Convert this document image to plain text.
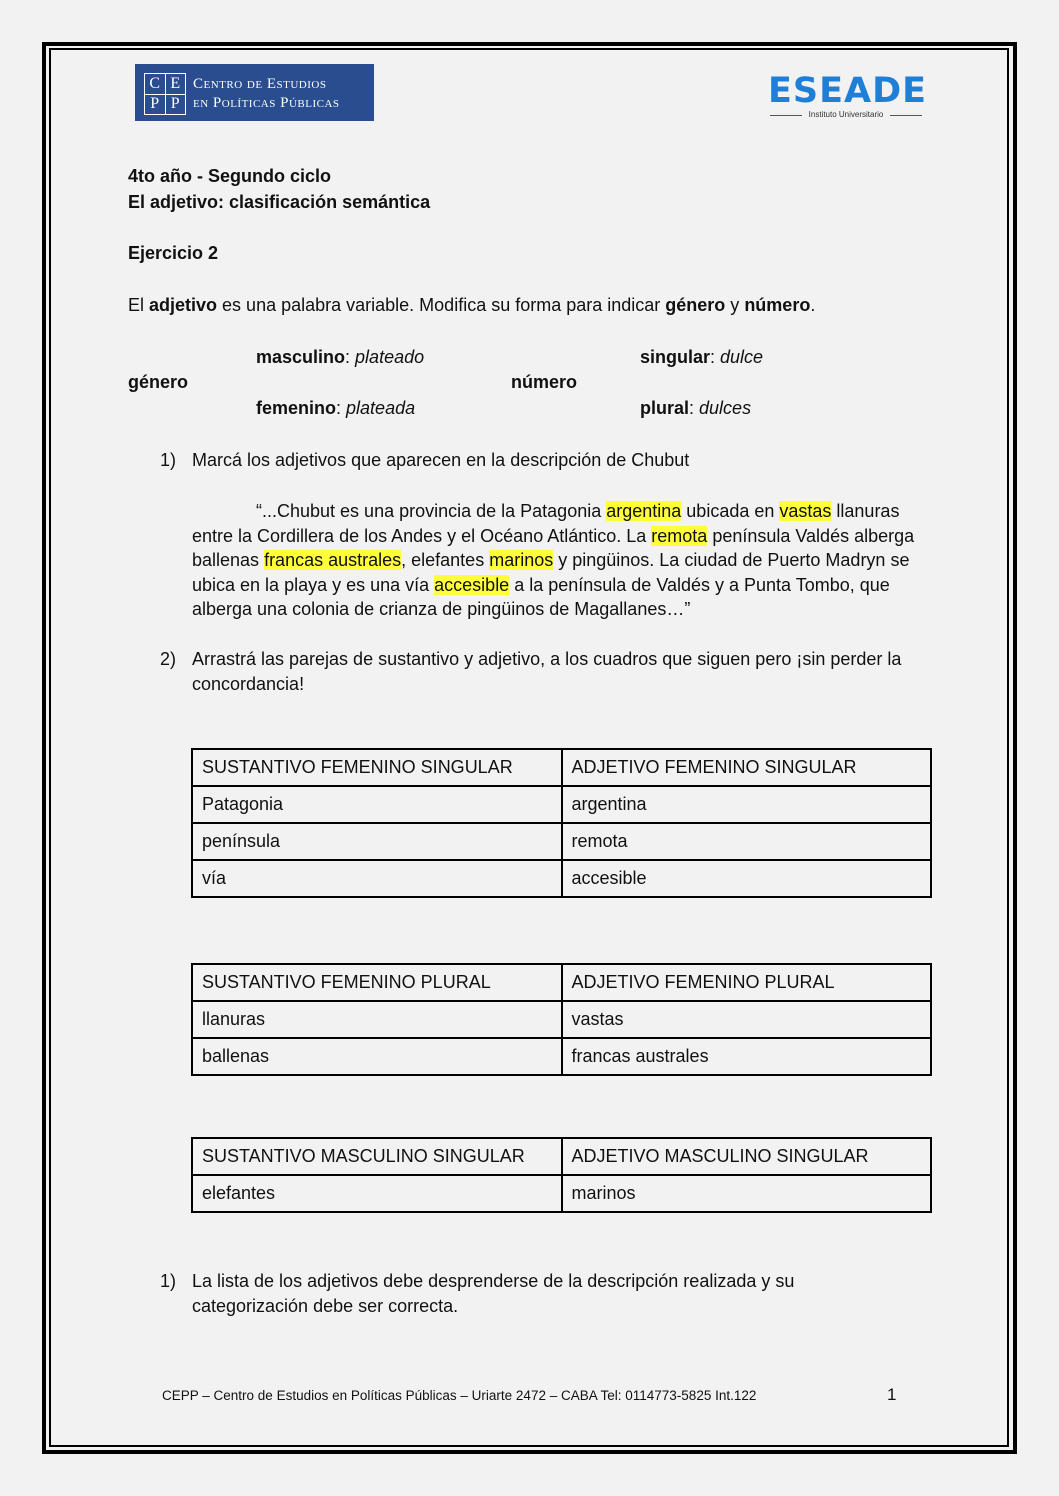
C E
P P
Centro de Estudios
en Políticas Públicas	ESEADE
Instituto Universitario
4to año - Segundo ciclo
El adjetivo: clasificación semántica
Ejercicio 2
El adjetivo es una palabra variable. Modifica su forma para indicar género y número.
masculino: plateado	singular: dulce
género	número
femenino: plateada	plural: dulces
1) Marcá los adjetivos que aparecen en la descripción de Chubut
“...Chubut es una provincia de la Patagonia argentina ubicada en vastas llanuras entre la Cordillera de los Andes y el Océano Atlántico. La remota península Valdés alberga ballenas francas australes, elefantes marinos y pingüinos. La ciudad de Puerto Madryn se ubica en la playa y es una vía accesible a la península de Valdés y a Punta Tombo, que alberga una colonia de crianza de pingüinos de Magallanes…”
2) Arrastrá las parejas de sustantivo y adjetivo, a los cuadros que siguen pero ¡sin perder la concordancia!
SUSTANTIVO FEMENINO SINGULAR	ADJETIVO FEMENINO SINGULAR
Patagonia	argentina
península	remota
vía	accesible
SUSTANTIVO FEMENINO PLURAL	ADJETIVO FEMENINO PLURAL
llanuras	vastas
ballenas	francas australes
SUSTANTIVO MASCULINO SINGULAR	ADJETIVO MASCULINO SINGULAR
elefantes	marinos
1) La lista de los adjetivos debe desprenderse de la descripción realizada y su categorización debe ser correcta.
CEPP – Centro de Estudios en Políticas Públicas – Uriarte 2472 – CABA Tel: 0114773-5825 Int.122	1
